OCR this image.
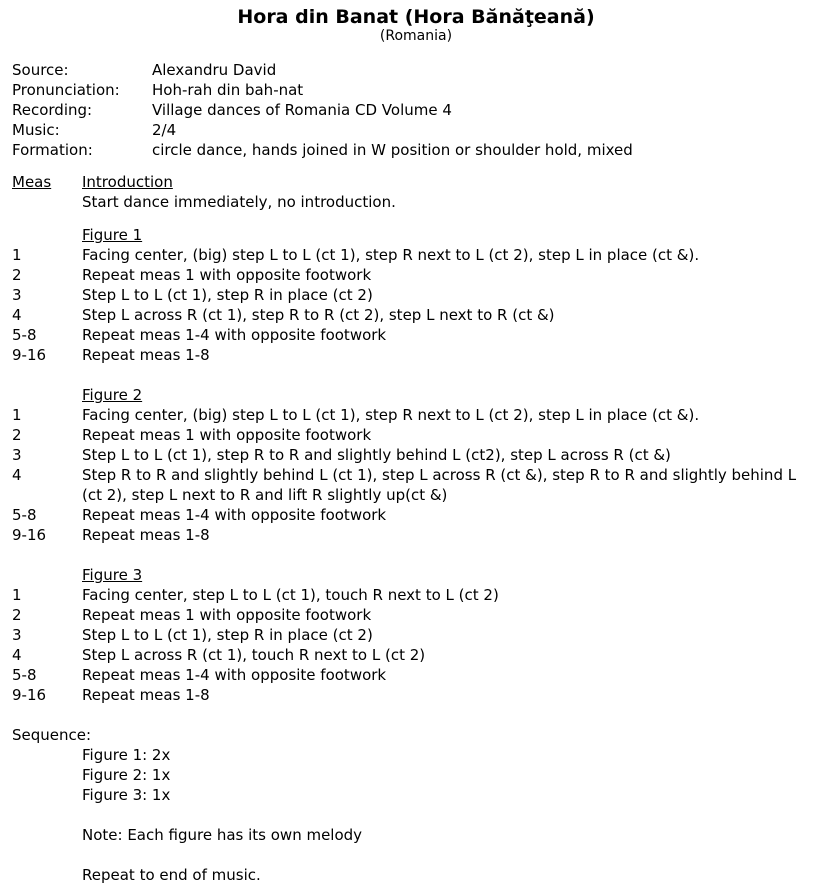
Hora din Banat (Hora Bănăţeană)
(Romania)
Source:	Alexandru David
Pronunciation:	Hoh-rah din bah-nat
Recording:	Village dances of Romania CD Volume 4
Music:	2/4
Formation:	circle dance, hands joined in W position or shoulder hold, mixed
Meas	Introduction
Start dance immediately, no introduction.
Figure 1
1	Facing center, (big) step L to L (ct 1), step R next to L (ct 2), step L in place (ct &).
2	Repeat meas 1 with opposite footwork
3	Step L to L (ct 1), step R in place (ct 2)
4	Step L across R (ct 1), step R to R (ct 2), step L next to R (ct &)
5-8	Repeat meas 1-4 with opposite footwork
9-16	Repeat meas 1-8
Figure 2
1	Facing center, (big) step L to L (ct 1), step R next to L (ct 2), step L in place (ct &).
2	Repeat meas 1 with opposite footwork
3	Step L to L (ct 1), step R to R and slightly behind L (ct2), step L across R (ct &)
4	Step R to R and slightly behind L (ct 1), step L across R (ct &), step R to R and slightly behind L (ct 2), step L next to R and lift R slightly up(ct &)
5-8	Repeat meas 1-4 with opposite footwork
9-16	Repeat meas 1-8
Figure 3
1	Facing center, step L to L (ct 1), touch R next to L (ct 2)
2	Repeat meas 1 with opposite footwork
3	Step L to L (ct 1), step R in place (ct 2)
4	Step L across R (ct 1), touch R next to L (ct 2)
5-8	Repeat meas 1-4 with opposite footwork
9-16	Repeat meas 1-8
Sequence:
Figure 1: 2x
Figure 2: 1x
Figure 3: 1x
Note: Each figure has its own melody
Repeat to end of music.
